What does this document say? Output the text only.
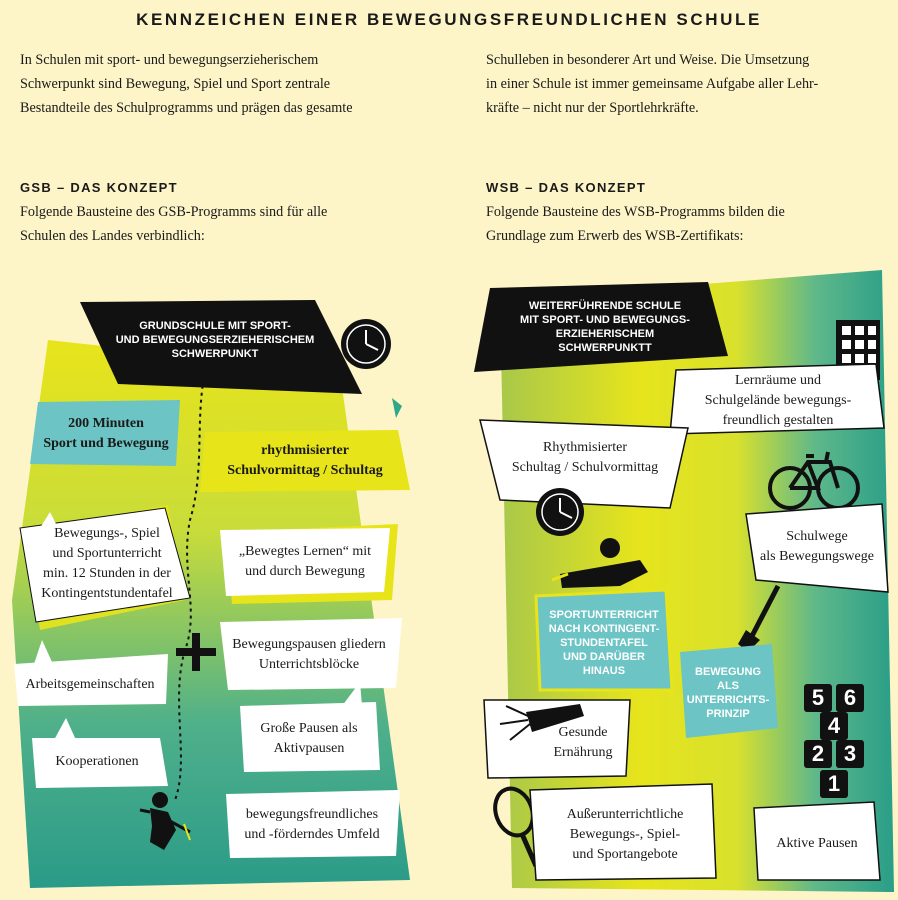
KENNZEICHEN EINER BEWEGUNGSFREUNDLICHEN SCHULE
In Schulen mit sport- und bewegungserzieherischem
Schwerpunkt sind Bewegung, Spiel und Sport zentrale
Bestandteile des Schulprogramms und prägen das gesamte
Schulleben in besonderer Art und Weise. Die Umsetzung
in einer Schule ist immer gemeinsame Aufgabe aller Lehr-
kräfte – nicht nur der Sportlehrkräfte.
GSB – DAS KONZEPT
Folgende Bausteine des GSB-Programms sind für alle
Schulen des Landes verbindlich:
WSB – DAS KONZEPT
Folgende Bausteine des WSB-Programms bilden die
Grundlage zum Erwerb des WSB-Zertifikats:
GRUNDSCHULE MIT SPORT-
UND BEWEGUNGSERZIEHERISCHEM
SCHWERPUNKT
200 Minuten
Sport und Bewegung	rhythmisierter
Schulvormittag / Schultag
Bewegungs-, Spiel
und Sportunterricht
min. 12 Stunden in der
Kontingentstundentafel
„Bewegtes Lernen“ mit
und durch Bewegung
Bewegungspausen gliedern
Unterrichtsblöcke
Arbeitsgemeinschaften
Große Pausen als
Aktivpausen
Kooperationen
bewegungsfreundliches
und -förderndes Umfeld
WEITERFÜHRENDE SCHULE
MIT SPORT- UND BEWEGUNGS-
ERZIEHERISCHEM
SCHWERPUNKTT
Lernräume und
Schulgelände bewegungs-
freundlich gestalten
Rhythmisierter
Schultag / Schulvormittag
Schulwege
als Bewegungswege
SPORTUNTERRICHT
NACH KONTINGENT-
STUNDENTAFEL
UND DARÜBER
HINAUS	BEWEGUNG
ALS
UNTERRICHTS-
PRINZIP
Gesunde
Ernährung
Außerunterrichtliche
Bewegungs-, Spiel-
und Sportangebote
Aktive Pausen
5 6
4
2 3
1
